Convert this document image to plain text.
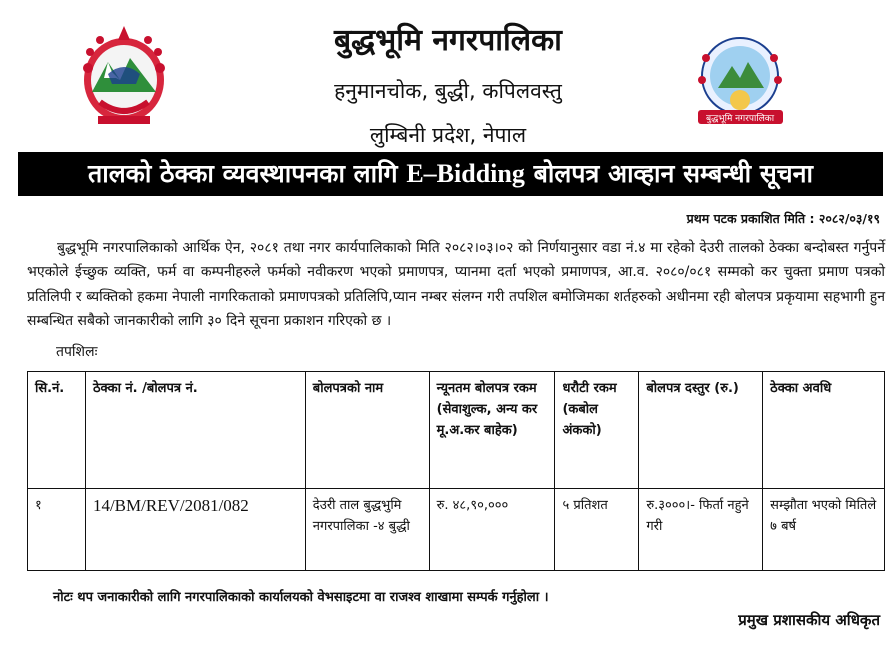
बुद्धभूमि नगरपालिका
बुद्धभूमि नगरपालिका
हनुमानचोक, बुद्धी, कपिलवस्तु
लुम्बिनी प्रदेश, नेपाल
तालको ठेक्का व्यवस्थापनका लागि E–Bidding बोलपत्र आव्हान सम्बन्धी सूचना
प्रथम पटक प्रकाशित मिति : २०८२/०३/१९
बुद्धभूमि नगरपालिकाको आर्थिक ऐन, २०८१ तथा नगर कार्यपालिकाको मिति २०८२।०३।०२ को निर्णयानुसार वडा नं.४ मा रहेको देउरी तालको ठेक्का बन्दोबस्त गर्नुपर्ने भएकोले ईच्छुक व्यक्ति, फर्म वा कम्पनीहरुले फर्मको नवीकरण भएको प्रमाणपत्र, प्यानमा दर्ता भएको प्रमाणपत्र, आ.व. २०८०/०८१ सम्मको कर चुक्ता प्रमाण पत्रको प्रतिलिपी र ब्यक्तिको हकमा नेपाली नागरिकताको प्रमाणपत्रको प्रतिलिपि,प्यान नम्बर संलग्न गरी तपशिल बमोजिमका शर्तहरुको अधीनमा रही बोलपत्र प्रकृयामा सहभागी हुन सम्बन्धित सबैको जानकारीको लागि ३० दिने सूचना प्रकाशन गरिएको छ ।
तपशिलः
सि.नं.	ठेक्का नं. /बोलपत्र नं.	बोलपत्रको नाम	न्यूनतम बोलपत्र रकम (सेवाशुल्क, अन्य कर मू.अ.कर बाहेक)	धरौटी रकम (कबोल अंकको)	बोलपत्र दस्तुर (रु.)	ठेक्का अवधि
१	14/BM/REV/2081/082	देउरी ताल बुद्धभुमि नगरपालिका -४ बुद्धी	रु. ४८,९०,०००	५ प्रतिशत	रु.३०००।- फिर्ता नहुने गरी	सम्झौता भएको मितिले ७ बर्ष
नोटः थप जनाकारीको लागि नगरपालिकाको कार्यालयको वेभसाइटमा वा राजश्व शाखामा सम्पर्क गर्नुहोला ।
प्रमुख प्रशासकीय अधिकृत
